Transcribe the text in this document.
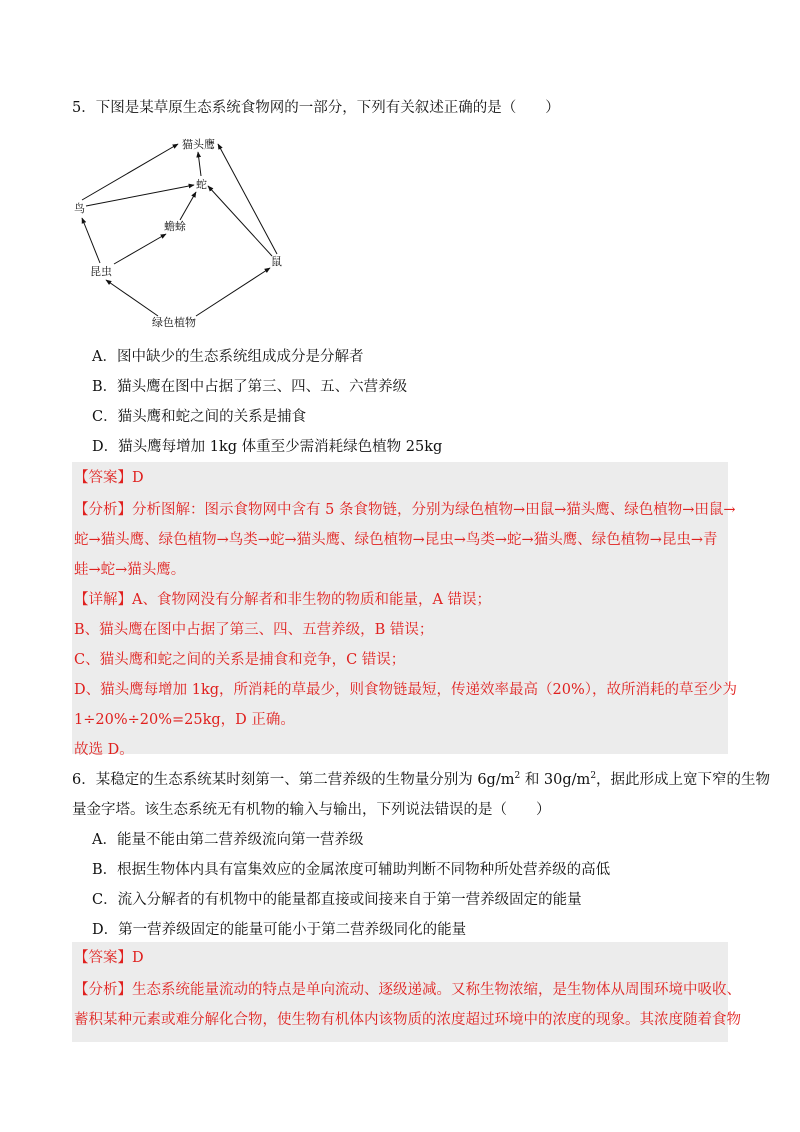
5．下图是某草原生态系统食物网的一部分，下列有关叙述正确的是（　　）
猫头鹰
蛇
鸟
蟾蜍
昆虫
鼠
绿色植物
A．图中缺少的生态系统组成成分是分解者
B．猫头鹰在图中占据了第三、四、五、六营养级
C．猫头鹰和蛇之间的关系是捕食
D．猫头鹰每增加 1kg 体重至少需消耗绿色植物 25kg
【答案】D
【分析】分析图解：图示食物网中含有 5 条食物链，分别为绿色植物→田鼠→猫头鹰、绿色植物→田鼠→
蛇→猫头鹰、绿色植物→鸟类→蛇→猫头鹰、绿色植物→昆虫→鸟类→蛇→猫头鹰、绿色植物→昆虫→青
蛙→蛇→猫头鹰。
【详解】A、食物网没有分解者和非生物的物质和能量，A 错误；
B、猫头鹰在图中占据了第三、四、五营养级，B 错误；
C、猫头鹰和蛇之间的关系是捕食和竞争，C 错误；
D、猫头鹰每增加 1kg，所消耗的草最少，则食物链最短，传递效率最高（20%），故所消耗的草至少为
1÷20%÷20%=25kg，D 正确。
故选 D。
6．某稳定的生态系统某时刻第一、第二营养级的生物量分别为 $6g/m^2$ 和 $30g/m^2$，据此形成上宽下窄的生物
量金字塔。该生态系统无有机物的输入与输出，下列说法错误的是（　　）
A．能量不能由第二营养级流向第一营养级
B．根据生物体内具有富集效应的金属浓度可辅助判断不同物种所处营养级的高低
C．流入分解者的有机物中的能量都直接或间接来自于第一营养级固定的能量
D．第一营养级固定的能量可能小于第二营养级同化的能量
【答案】D
【分析】生态系统能量流动的特点是单向流动、逐级递减。又称生物浓缩，是生物体从周围环境中吸收、
蓄积某种元素或难分解化合物，使生物有机体内该物质的浓度超过环境中的浓度的现象。其浓度随着食物
